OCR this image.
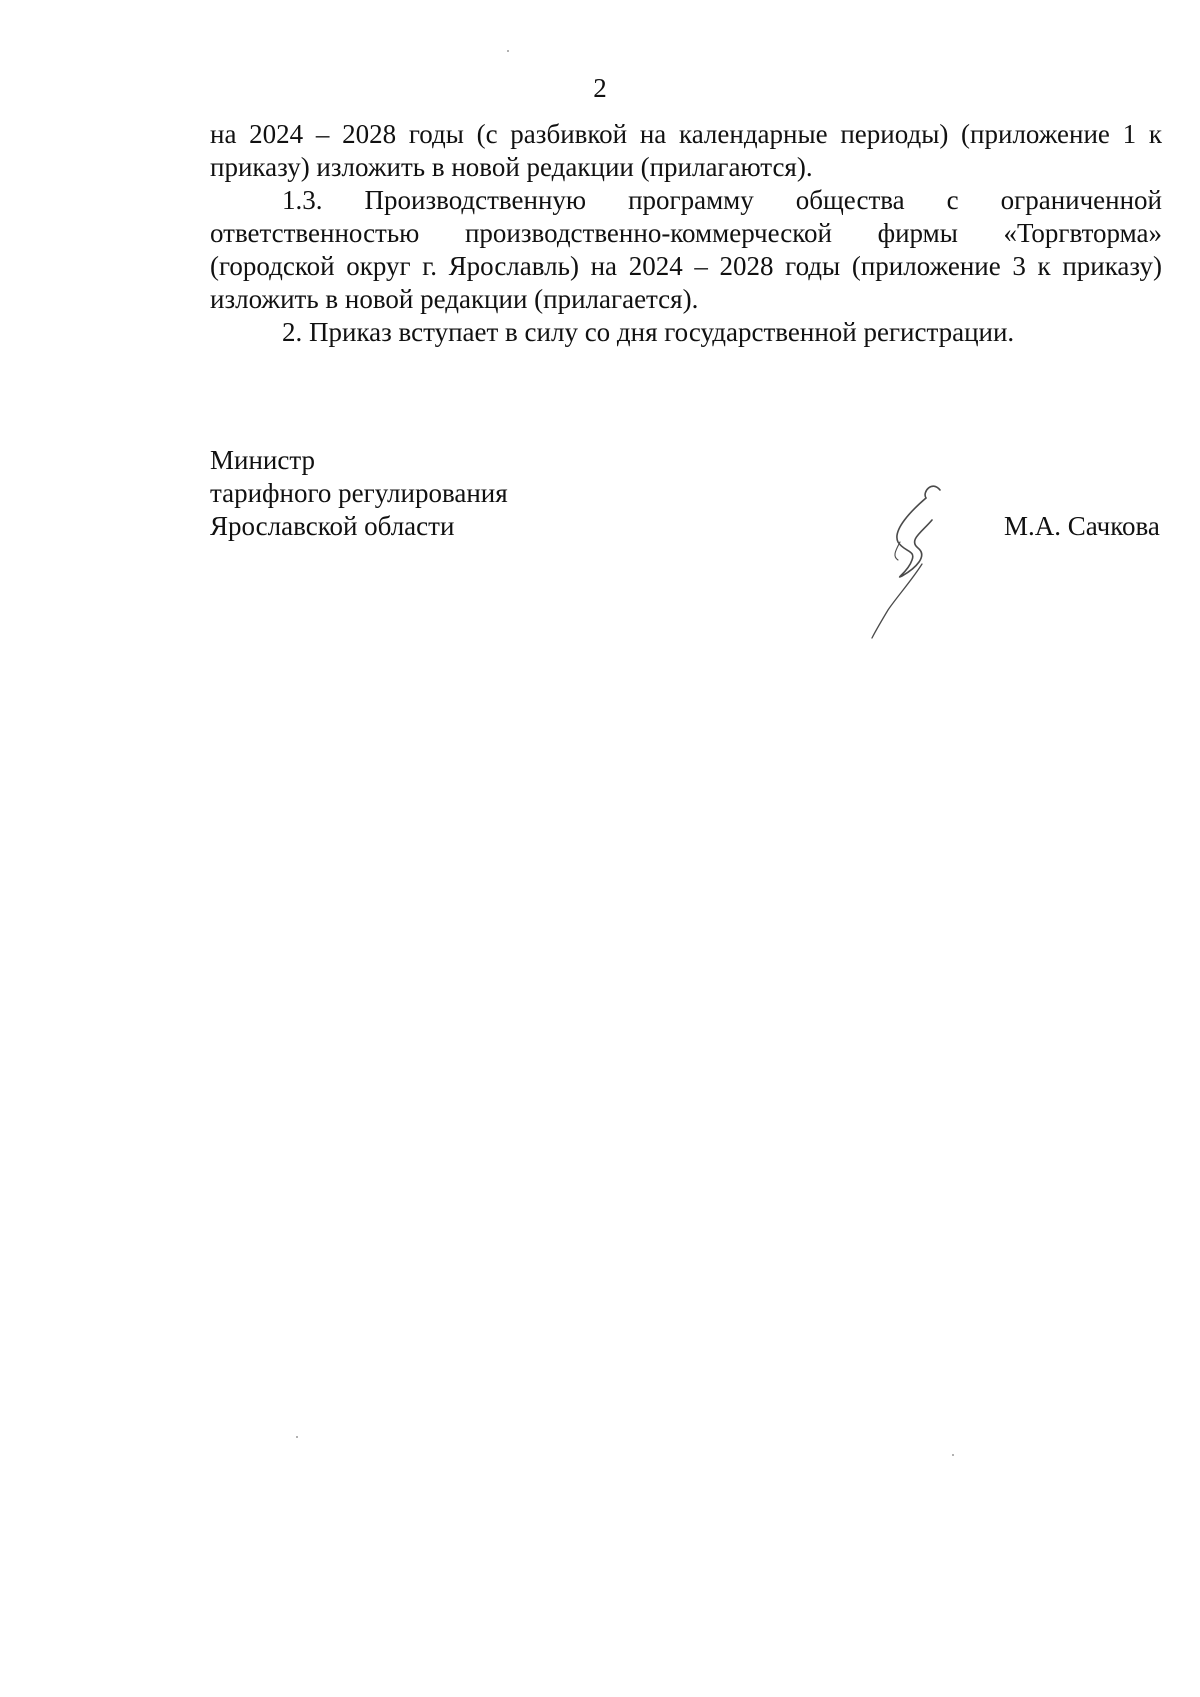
2

на 2024 – 2028 годы (с разбивкой на календарные периоды) (приложение 1 к приказу) изложить в новой редакции (прилагаются).

1.3. Производственную программу общества с ограниченной ответственностью производственно-коммерческой фирмы «Торгвторма» (городской округ г. Ярославль) на 2024 – 2028 годы (приложение 3 к приказу) изложить в новой редакции (прилагается).

2. Приказ вступает в силу со дня государственной регистрации.

Министр
тарифного регулирования
Ярославской области	М.А. Сачкова
